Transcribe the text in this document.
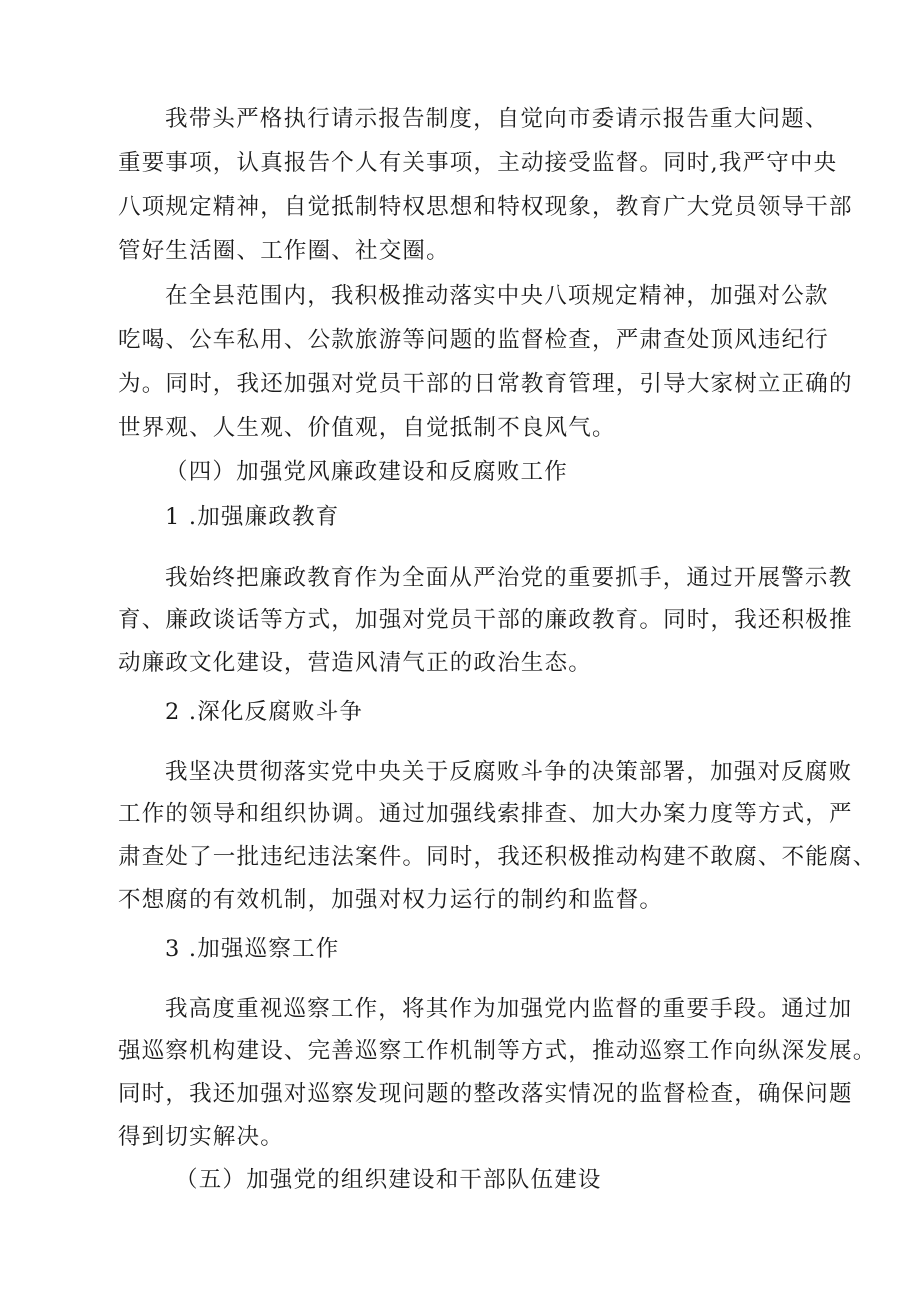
我带头严格执行请示报告制度，自觉向市委请示报告重大问题、
重要事项，认真报告个人有关事项，主动接受监督。同时,我严守中央
八项规定精神，自觉抵制特权思想和特权现象，教育广大党员领导干部
管好生活圈、工作圈、社交圈。
在全县范围内，我积极推动落实中央八项规定精神，加强对公款
吃喝、公车私用、公款旅游等问题的监督检查，严肃查处顶风违纪行
为。同时，我还加强对党员干部的日常教育管理，引导大家树立正确的
世界观、人生观、价值观，自觉抵制不良风气。
（四）加强党风廉政建设和反腐败工作
1 .加强廉政教育
我始终把廉政教育作为全面从严治党的重要抓手，通过开展警示教
育、廉政谈话等方式，加强对党员干部的廉政教育。同时，我还积极推
动廉政文化建设，营造风清气正的政治生态。
2 .深化反腐败斗争
我坚决贯彻落实党中央关于反腐败斗争的决策部署，加强对反腐败
工作的领导和组织协调。通过加强线索排查、加大办案力度等方式，严
肃查处了一批违纪违法案件。同时，我还积极推动构建不敢腐、不能腐、
不想腐的有效机制，加强对权力运行的制约和监督。
3 .加强巡察工作
我高度重视巡察工作，将其作为加强党内监督的重要手段。通过加
强巡察机构建设、完善巡察工作机制等方式，推动巡察工作向纵深发展。
同时，我还加强对巡察发现问题的整改落实情况的监督检查，确保问题
得到切实解决。
（五）加强党的组织建设和干部队伍建设
